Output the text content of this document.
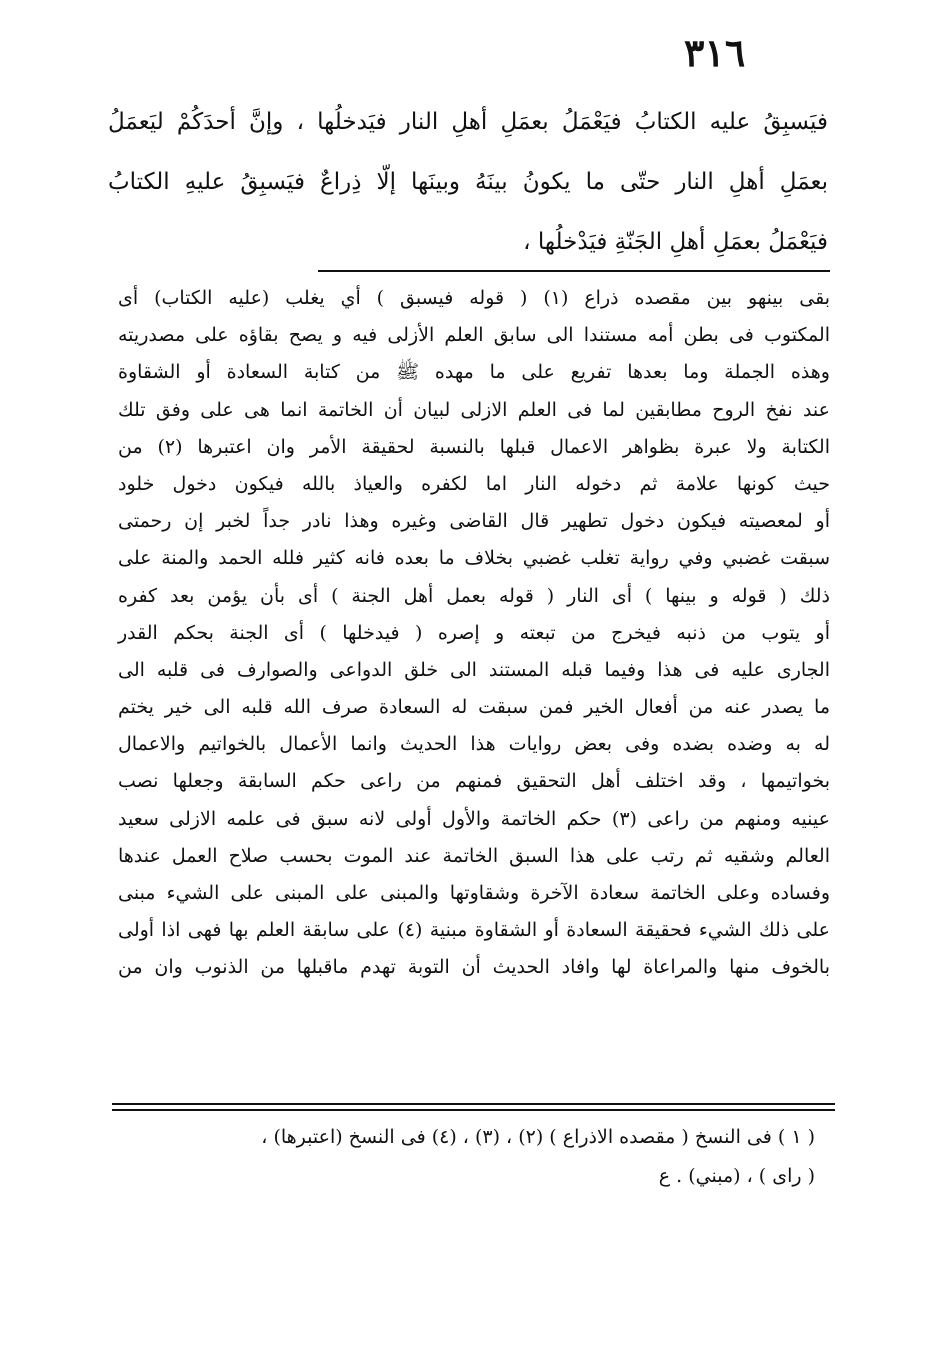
٣١٦
فيَسبِقُ عليه الكتابُ فيَعْمَلُ بعمَلِ أهلِ النار فيَدخلُها ، وإنَّ أحدَكُمْ ليَعمَلُ
بعمَلِ أهلِ النار حتّى ما يكونُ بينَهُ وبينَها إلّا ذِراعٌ فيَسبِقُ عليهِ الكتابُ
فيَعْمَلُ بعمَلِ أهلِ الجَنّةِ فيَدْخلُها ،
بقى بينهو بين مقصده ذراع (١) ( قوله فيسبق ) أي يغلب (عليه الكتاب) أى
المكتوب فى بطن أمه مستندا الى سابق العلم الأزلى فيه و يصح بقاؤه على مصدريته
وهذه الجملة وما بعدها تفريع على ما مهده ﷺ من كتابة السعادة أو الشقاوة
عند نفخ الروح مطابقين لما فى العلم الازلى لبيان أن الخاتمة انما هى على وفق تلك
الكتابة ولا عبرة بظواهر الاعمال قبلها بالنسبة لحقيقة الأمر وان اعتبرها (٢) من
حيث كونها علامة ثم دخوله النار اما لكفره والعياذ بالله فيكون دخول خلود
أو لمعصيته فيكون دخول تطهير قال القاضى وغيره وهذا نادر جداً لخبر إن رحمتى
سبقت غضبي وفي رواية تغلب غضبي بخلاف ما بعده فانه كثير فلله الحمد والمنة على
ذلك ( قوله و بينها ) أى النار ( قوله بعمل أهل الجنة ) أى بأن يؤمن بعد كفره
أو يتوب من ذنبه فيخرج من تبعته و إصره ( فيدخلها ) أى الجنة بحكم القدر
الجارى عليه فى هذا وفيما قبله المستند الى خلق الدواعى والصوارف فى قلبه الى
ما يصدر عنه من أفعال الخير فمن سبقت له السعادة صرف الله قلبه الى خير يختم
له به وضده بضده وفى بعض روايات هذا الحديث وانما الأعمال بالخواتيم والاعمال
بخواتيمها ، وقد اختلف أهل التحقيق فمنهم من راعى حكم السابقة وجعلها نصب
عينيه ومنهم من راعى (٣) حكم الخاتمة والأول أولى لانه سبق فى علمه الازلى سعيد
العالم وشقيه ثم رتب على هذا السبق الخاتمة عند الموت بحسب صلاح العمل عندها
وفساده وعلى الخاتمة سعادة الآخرة وشقاوتها والمبنى على المبنى على الشيء مبنى
على ذلك الشيء فحقيقة السعادة أو الشقاوة مبنية (٤) على سابقة العلم بها فهى اذا أولى
بالخوف منها والمراعاة لها وافاد الحديث أن التوبة تهدم ماقبلها من الذنوب وان من
( ١ ) فى النسخ ( مقصده الاذراع ) (٢) ، (٣) ، (٤) فى النسخ (اعتبرها) ،
( راى ) ، (مبني) . ع
